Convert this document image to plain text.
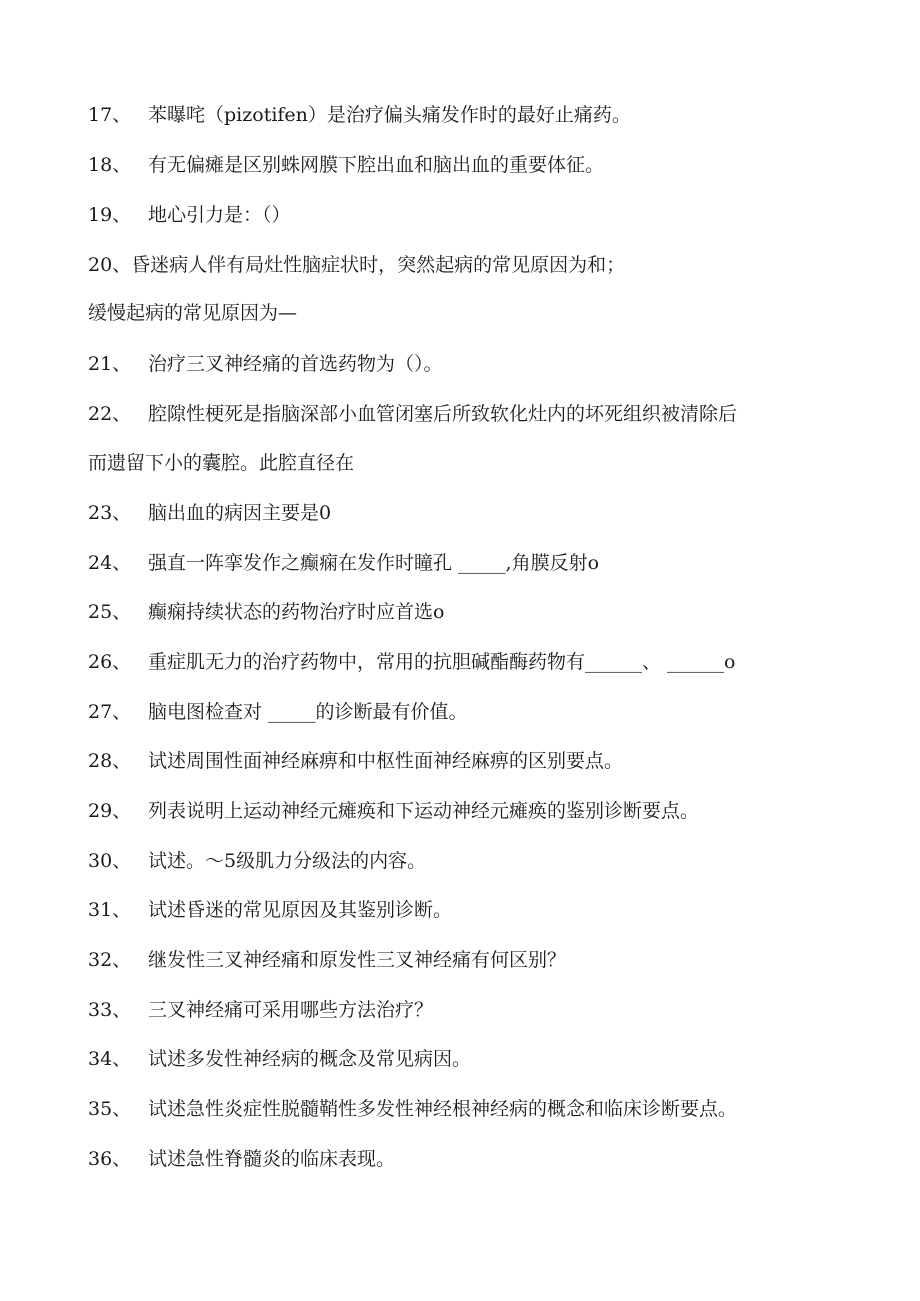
17、 苯曝咤（pizotifen）是治疗偏头痛发作时的最好止痛药。
18、 有无偏瘫是区别蛛网膜下腔出血和脑出血的重要体征。
19、 地心引力是：（）
20、昏迷病人伴有局灶性脑症状时，突然起病的常见原因为和；
缓慢起病的常见原因为—
21、 治疗三叉神经痛的首选药物为（）。
22、 腔隙性梗死是指脑深部小血管闭塞后所致软化灶内的坏死组织被清除后
而遗留下小的囊腔。此腔直径在
23、 脑出血的病因主要是0
24、 强直一阵挛发作之癫痫在发作时瞳孔 _____,角膜反射o
25、 癫痫持续状态的药物治疗时应首选o
26、 重症肌无力的治疗药物中，常用的抗胆碱酯酶药物有______、 ______o
27、 脑电图检查对 _____的诊断最有价值。
28、 试述周围性面神经麻痹和中枢性面神经麻痹的区别要点。
29、 列表说明上运动神经元瘫痪和下运动神经元瘫痪的鉴别诊断要点。
30、 试述。～5级肌力分级法的内容。
31、 试述昏迷的常见原因及其鉴别诊断。
32、 继发性三叉神经痛和原发性三叉神经痛有何区别？
33、 三叉神经痛可采用哪些方法治疗？
34、 试述多发性神经病的概念及常见病因。
35、 试述急性炎症性脱髓鞘性多发性神经根神经病的概念和临床诊断要点。
36、 试述急性脊髓炎的临床表现。
